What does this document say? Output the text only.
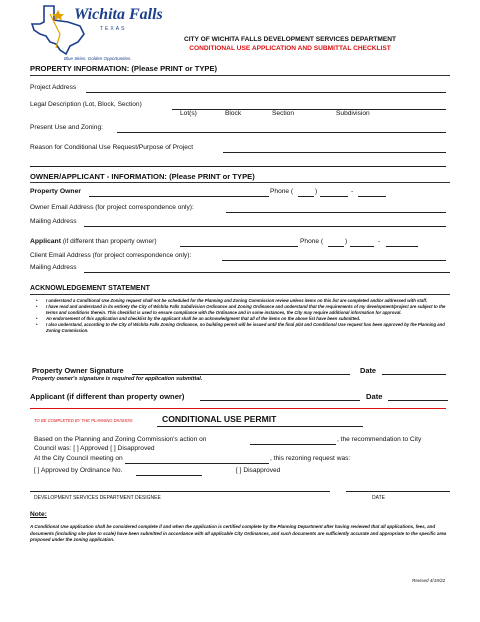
Wichita Falls
TEXAS
Blue Skies. Golden Opportunities.
CITY OF WICHITA FALLS DEVELOPMENT SERVICES DEPARTMENT
CONDITIONAL USE APPLICATION AND SUBMITTAL CHECKLIST
PROPERTY INFORMATION: (Please PRINT or TYPE)
Project Address
Legal Description (Lot, Block, Section)
Lot(s)	Block	Section	Subdivision
Present Use and Zoning:
Reason for Conditional Use Request/Purpose of Project
OWNER/APPLICANT - INFORMATION: (Please PRINT or TYPE)
Property Owner	Phone (	)	-
Owner Email Address (for project correspondence only):
Mailing Address
Applicant (if different than property owner)	Phone (	)	-
Client Email Address (for project correspondence only):
Mailing Address
ACKNOWLEDGEMENT STATEMENT
• I understand a Conditional Use Zoning request shall not be scheduled for the Planning and Zoning Commission review unless items on this list are completed and/or addressed with staff.
• I have read and understand in its entirety the City of Wichita Falls Subdivision Ordinance and Zoning Ordinance and understand that the requirements of my development/project are subject to the terms and conditions therein. This checklist is used to ensure compliance with the Ordinance and in some instances, the City may require additional information for approval.
• An endorsement of this application and checklist by the applicant shall be an acknowledgment that all of the items on the above list have been submitted.
• I also understand, according to the City of Wichita Falls Zoning Ordinance, no building permit will be issued until the final plat and Conditional Use request has been approved by the Planning and Zoning Commission.
Property Owner Signature	Date
Property owner's signature is required for application submittal.
Applicant (if different than property owner)	Date
TO BE COMPLETED BY THE PLANNING DIVISION:	CONDITIONAL USE PERMIT
Based on the Planning and Zoning Commission's action on	, the recommendation to City
Council was: [ ] Approved [ ] Disapproved
At the City Council meeting on	, this rezoning request was:
[ ] Approved by Ordinance No.	[ ] Disapproved
DEVELOPMENT SERVICES DEPARTMENT DESIGNEE	DATE
Note:
A Conditional Use application shall be considered complete if and when the application is certified complete by the Planning Department after having reviewed that all applications, fees, and documents (including site plan to scale) have been submitted in accordance with all applicable City Ordinances, and such documents are sufficiently accurate and appropriate to the specific area proposed under the zoning application.
Revised 4/19/22
